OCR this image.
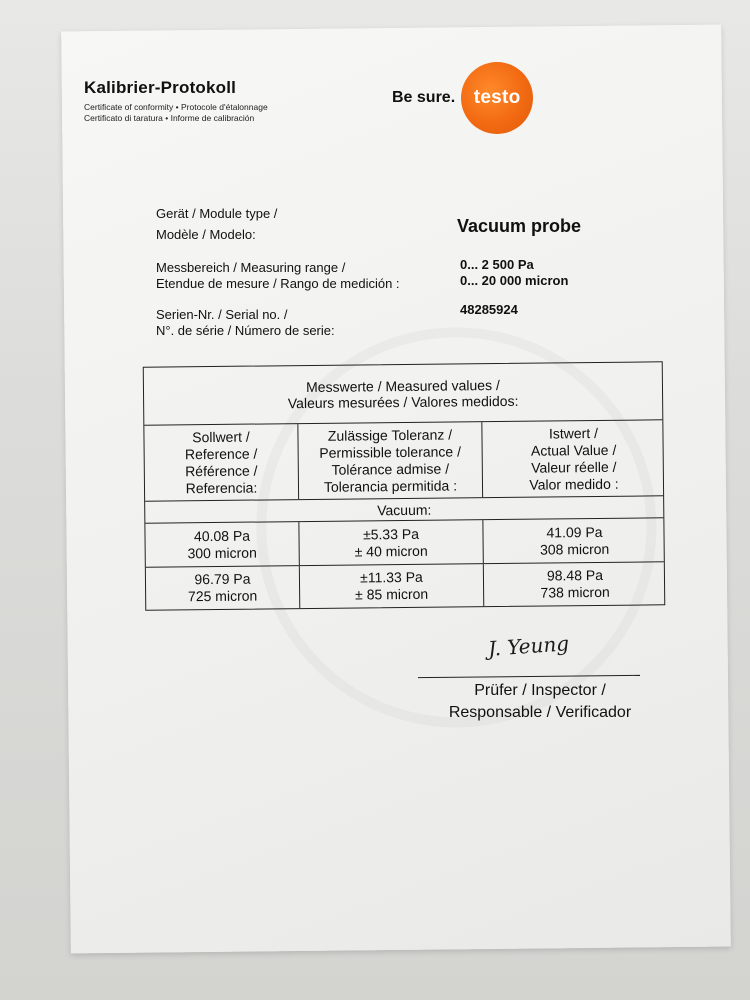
Kalibrier-Protokoll
Certificate of conformity • Protocole d'étalonnage
Certificato di taratura • Informe de calibración
Be sure. testo
Gerät / Module type /
Modèle / Modelo:	Vacuum probe
Messbereich / Measuring range /
Etendue de mesure / Rango de medición :
0... 2 500 Pa
0... 20 000 micron
Serien-Nr. / Serial no. /
N°. de série / Número de serie:
48285924
Messwerte / Measured values /
Valeurs mesurées / Valores medidos:
Sollwert /
Reference /
Référence /
Referencia:
Zulässige Toleranz /
Permissible tolerance /
Tolérance admise /
Tolerancia permitida :
Istwert /
Actual Value /
Valeur réelle /
Valor medido :
Vacuum:
40.08 Pa
300 micron
±5.33 Pa
± 40 micron
41.09 Pa
308 micron
96.79 Pa
725 micron
±11.33 Pa
± 85 micron
98.48 Pa
738 micron
J. Yeung
Prüfer / Inspector /
Responsable / Verificador
